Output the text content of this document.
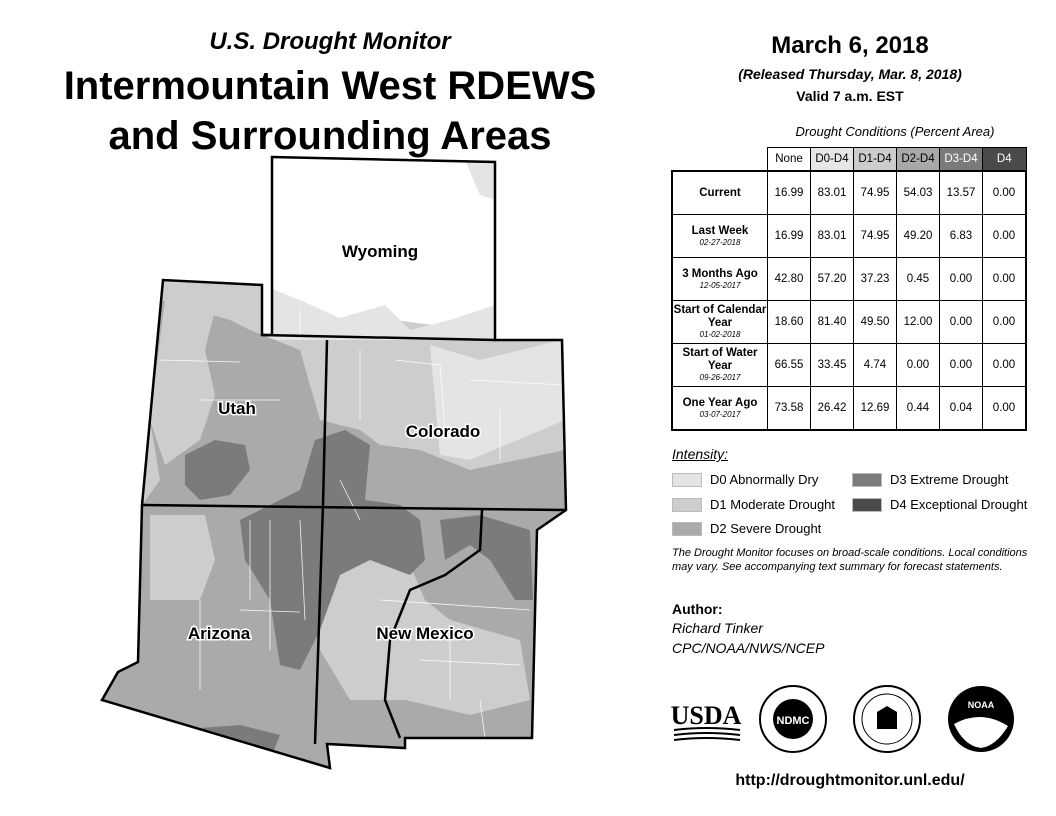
U.S. Drought Monitor
Intermountain West RDEWS
and Surrounding Areas
Wyoming
Utah
Colorado
Arizona	New Mexico
March 6, 2018
(Released Thursday, Mar. 8, 2018)
Valid 7 a.m. EST
Drought Conditions (Percent Area)
	None	D0-D4	D1-D4	D2-D4	D3-D4	D4
Current	16.99	83.01	74.95	54.03	13.57	0.00
Last Week
02-27-2018	16.99	83.01	74.95	49.20	6.83	0.00
3 Months Ago
12-05-2017	42.80	57.20	37.23	0.45	0.00	0.00
Start of Calendar Year
01-02-2018	18.60	81.40	49.50	12.00	0.00	0.00
Start of Water Year
09-26-2017	66.55	33.45	4.74	0.00	0.00	0.00
One Year Ago
03-07-2017	73.58	26.42	12.69	0.44	0.04	0.00
Intensity:
D0 Abnormally Dry
D1 Moderate Drought
D2 Severe Drought
D3 Extreme Drought
D4 Exceptional Drought
The Drought Monitor focuses on broad-scale conditions. Local conditions may vary. See accompanying text summary for forecast statements.
Author:
Richard Tinker
CPC/NOAA/NWS/NCEP
USDA	NDMC
NOAA
http://droughtmonitor.unl.edu/
